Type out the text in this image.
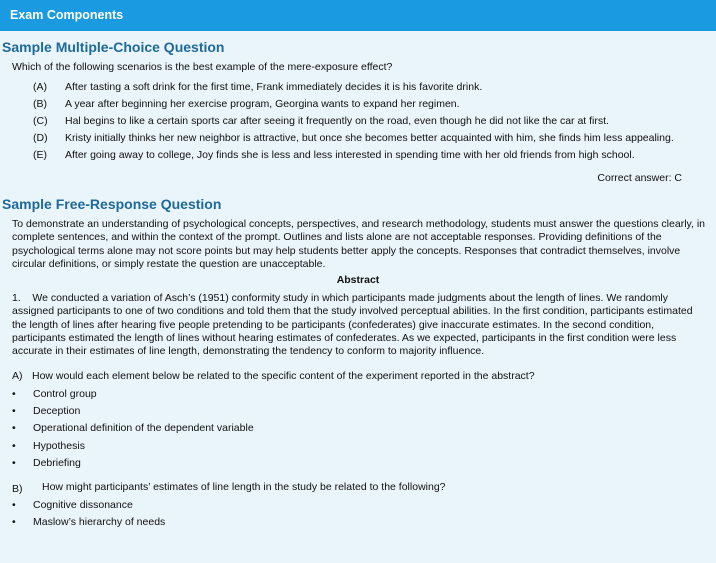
Exam Components
Sample Multiple-Choice Question
Which of the following scenarios is the best example of the mere-exposure effect?
(A) After tasting a soft drink for the first time, Frank immediately decides it is his favorite drink.
(B) A year after beginning her exercise program, Georgina wants to expand her regimen.
(C) Hal begins to like a certain sports car after seeing it frequently on the road, even though he did not like the car at first.
(D) Kristy initially thinks her new neighbor is attractive, but once she becomes better acquainted with him, she finds him less appealing.
(E) After going away to college, Joy finds she is less and less interested in spending time with her old friends from high school.
Correct answer: C
Sample Free-Response Question
To demonstrate an understanding of psychological concepts, perspectives, and research methodology, students must answer the questions clearly, in complete sentences, and within the context of the prompt. Outlines and lists alone are not acceptable responses. Providing definitions of the psychological terms alone may not score points but may help students better apply the concepts. Responses that contradict themselves, involve circular definitions, or simply restate the question are unacceptable.
Abstract
1.    We conducted a variation of Asch’s (1951) conformity study in which participants made judgments about the length of lines. We randomly assigned participants to one of two conditions and told them that the study involved perceptual abilities. In the first condition, participants estimated the length of lines after hearing five people pretending to be participants (confederates) give inaccurate estimates. In the second condition, participants estimated the length of lines without hearing estimates of confederates. As we expected, participants in the first condition were less accurate in their estimates of line length, demonstrating the tendency to conform to majority influence.
A) How would each element below be related to the specific content of the experiment reported in the abstract?
• Control group
• Deception
• Operational definition of the dependent variable
• Hypothesis
• Debriefing
B) How might participants’ estimates of line length in the study be related to the following?
• Cognitive dissonance
• Maslow’s hierarchy of needs
